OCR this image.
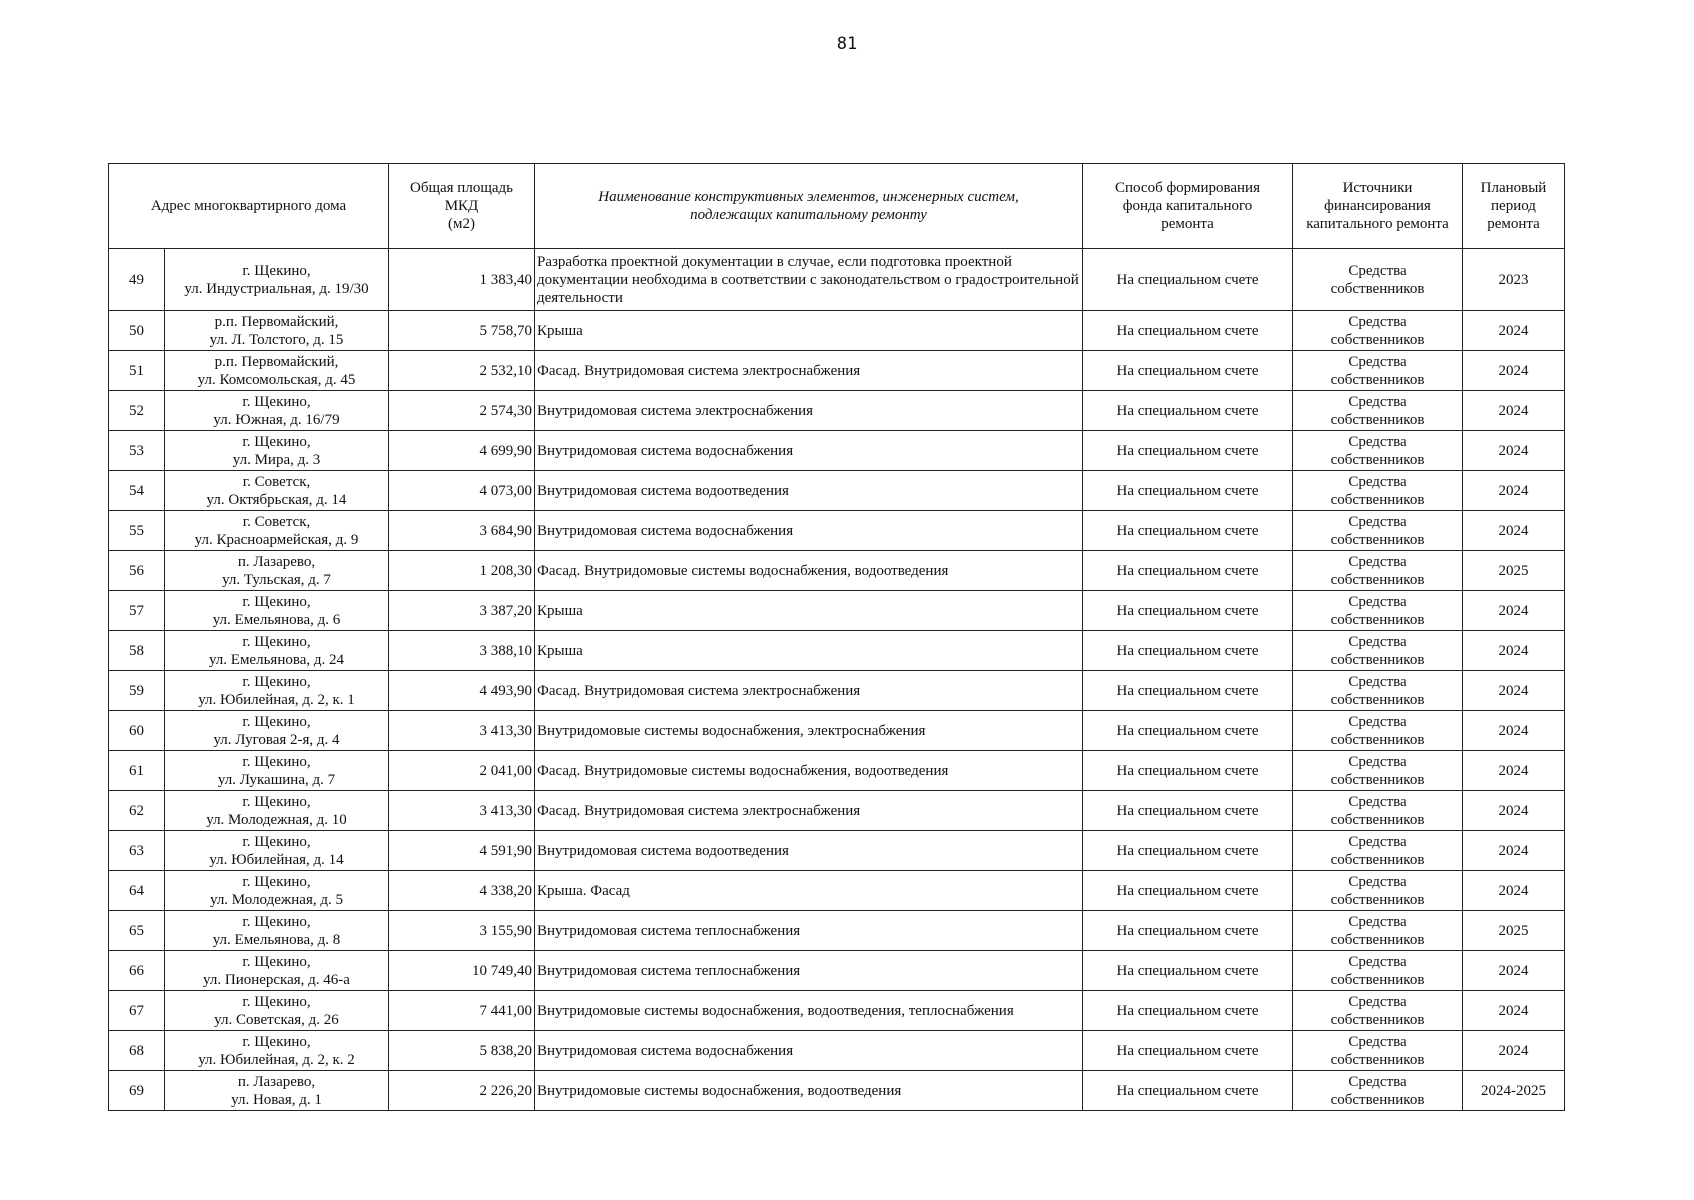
81
Адрес многоквартирного дома		Общая площадь
МКД
(м2)	Наименование конструктивных элементов, инженерных систем,
подлежащих капитальному ремонту	Способ формирования
фонда капитального
ремонта	Источники
финансирования
капитального ремонта	Плановый
период
ремонта

49	г. Щекино,
ул. Индустриальная, д. 19/30	1 383,40	Разработка проектной документации в случае, если подготовка проектной документации необходима в соответствии с законодательством о градостроительной деятельности	На специальном счете	Средства
собственников	2023
50	р.п. Первомайский,
ул. Л. Толстого, д. 15	5 758,70	Крыша	На специальном счете	Средства
собственников	2024
51	р.п. Первомайский,
ул. Комсомольская, д. 45	2 532,10	Фасад. Внутридомовая система электроснабжения	На специальном счете	Средства
собственников	2024
52	г. Щекино,
ул. Южная, д. 16/79	2 574,30	Внутридомовая система электроснабжения	На специальном счете	Средства
собственников	2024
53	г. Щекино,
ул. Мира, д. 3	4 699,90	Внутридомовая система водоснабжения	На специальном счете	Средства
собственников	2024
54	г. Советск,
ул. Октябрьская, д. 14	4 073,00	Внутридомовая система водоотведения	На специальном счете	Средства
собственников	2024
55	г. Советск,
ул. Красноармейская, д. 9	3 684,90	Внутридомовая система водоснабжения	На специальном счете	Средства
собственников	2024
56	п. Лазарево,
ул. Тульская, д. 7	1 208,30	Фасад. Внутридомовые системы водоснабжения, водоотведения	На специальном счете	Средства
собственников	2025
57	г. Щекино,
ул. Емельянова, д. 6	3 387,20	Крыша	На специальном счете	Средства
собственников	2024
58	г. Щекино,
ул. Емельянова, д. 24	3 388,10	Крыша	На специальном счете	Средства
собственников	2024
59	г. Щекино,
ул. Юбилейная, д. 2, к. 1	4 493,90	Фасад. Внутридомовая система электроснабжения	На специальном счете	Средства
собственников	2024
60	г. Щекино,
ул. Луговая 2-я, д. 4	3 413,30	Внутридомовые системы водоснабжения, электроснабжения	На специальном счете	Средства
собственников	2024
61	г. Щекино,
ул. Лукашина, д. 7	2 041,00	Фасад. Внутридомовые системы водоснабжения, водоотведения	На специальном счете	Средства
собственников	2024
62	г. Щекино,
ул. Молодежная, д. 10	3 413,30	Фасад. Внутридомовая система электроснабжения	На специальном счете	Средства
собственников	2024
63	г. Щекино,
ул. Юбилейная, д. 14	4 591,90	Внутридомовая система водоотведения	На специальном счете	Средства
собственников	2024
64	г. Щекино,
ул. Молодежная, д. 5	4 338,20	Крыша. Фасад	На специальном счете	Средства
собственников	2024
65	г. Щекино,
ул. Емельянова, д. 8	3 155,90	Внутридомовая система теплоснабжения	На специальном счете	Средства
собственников	2025
66	г. Щекино,
ул. Пионерская, д. 46-а	10 749,40	Внутридомовая система теплоснабжения	На специальном счете	Средства
собственников	2024
67	г. Щекино,
ул. Советская, д. 26	7 441,00	Внутридомовые системы водоснабжения, водоотведения, теплоснабжения	На специальном счете	Средства
собственников	2024
68	г. Щекино,
ул. Юбилейная, д. 2, к. 2	5 838,20	Внутридомовая система водоснабжения	На специальном счете	Средства
собственников	2024
69	п. Лазарево,
ул. Новая, д. 1	2 226,20	Внутридомовые системы водоснабжения, водоотведения	На специальном счете	Средства
собственников	2024-2025
